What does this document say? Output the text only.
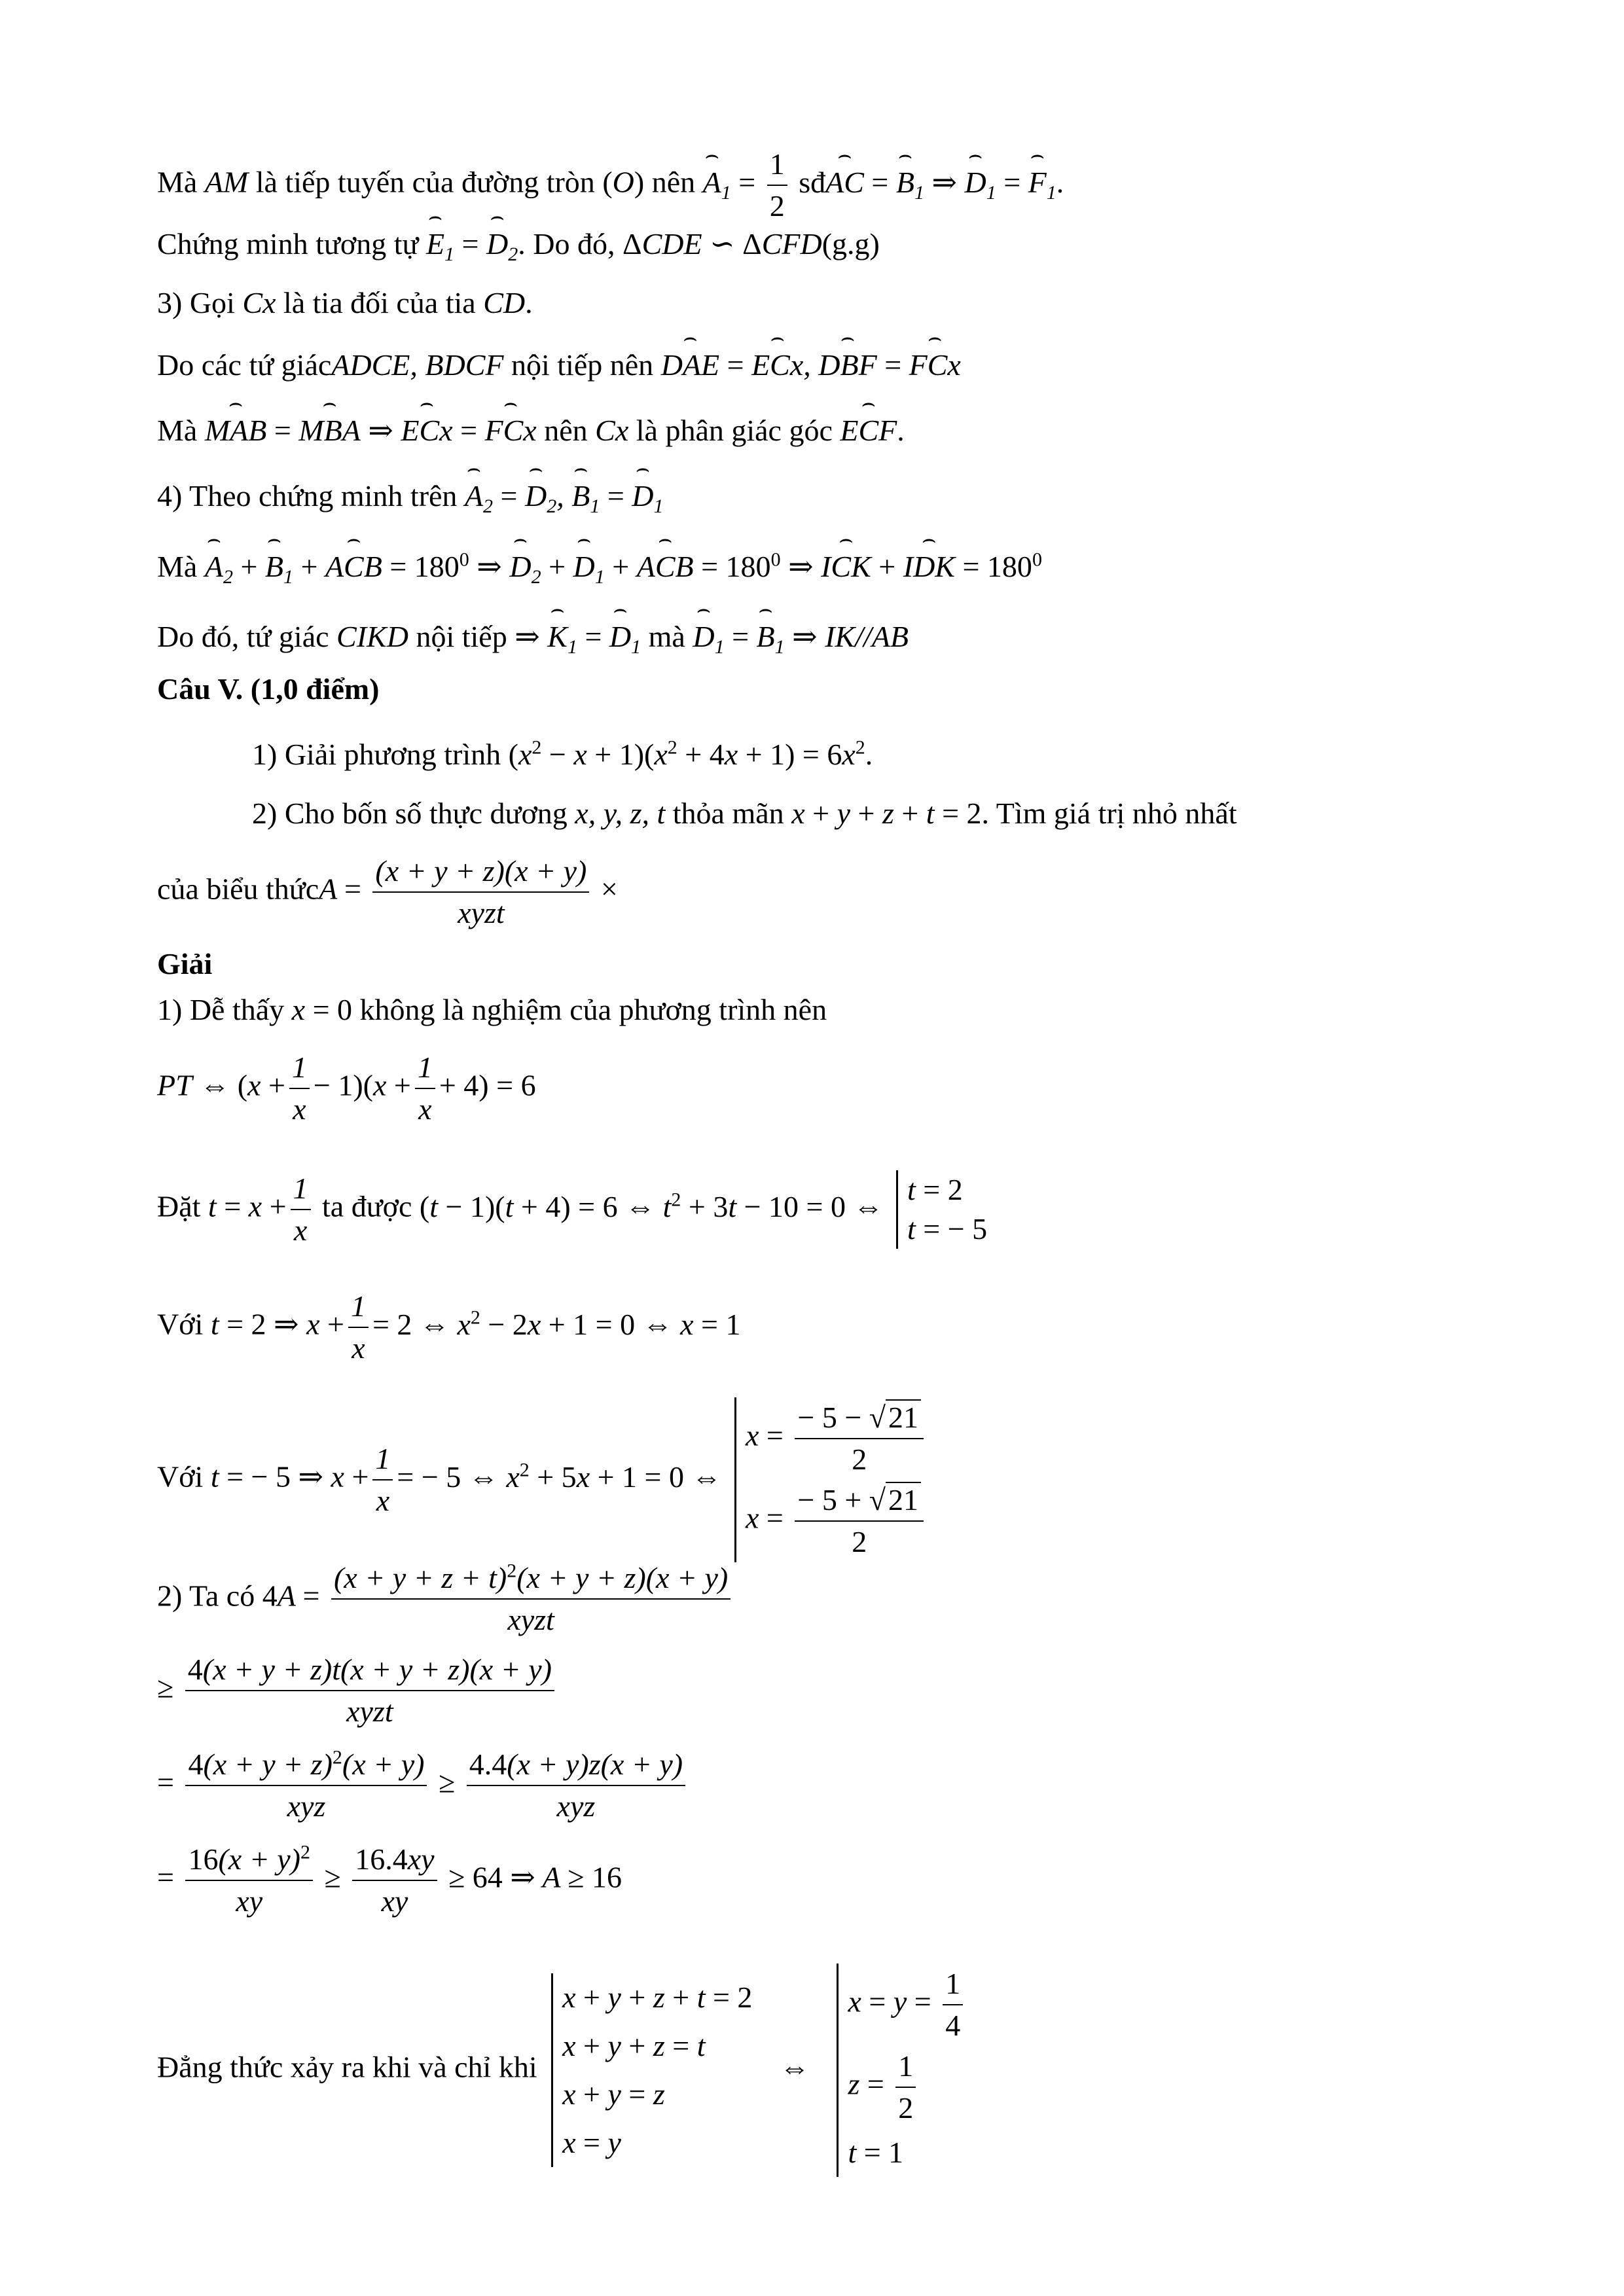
Mà AM là tiếp tuyến của đường tròn (O) nên ⌢ $A_1 = \frac{1}{2}$ sđ⌢ AC = ⌢ $B_1$ ⇒ ⌢ $D_1$ = ⌢ $F_1$.
Chứng minh tương tự ⌢ $E_1$ = ⌢ $D_2$. Do đó, ΔCDE ∽ ΔCFD(g.g)
3) Gọi Cx là tia đối của tia CD.
Do các tứ giácADCE, BDCF nội tiếp nên ⌢ DAE = ⌢ ECx, ⌢ DBF = ⌢ FCx
Mà ⌢ MAB = ⌢ MBA ⇒ ⌢ ECx = ⌢ FCx nên Cx là phân giác góc ⌢ ECF.
4) Theo chứng minh trên ⌢ $A_2$ = ⌢ $D_2$, ⌢ $B_1$ = ⌢ $D_1$
Mà ⌢ $A_2$ + ⌢ $B_1$ + ⌢ ACB = $180^0$ ⇒ ⌢ $D_2$ + ⌢ $D_1$ + ⌢ ACB = $180^0$ ⇒ ⌢ ICK + ⌢ IDK = $180^0$
Do đó, tứ giác CIKD nội tiếp ⇒ ⌢ $K_1$ = ⌢ $D_1$ mà ⌢ $D_1$ = ⌢ $B_1$ ⇒ IK//AB
Câu V. (1,0 điểm)
1) Giải phương trình $(x^2 - x + 1)(x^2 + 4x + 1) = 6x^2$.
2) Cho bốn số thực dương x, y, z, t thỏa mãn x + y + z + t = 2. Tìm giá trị nhỏ nhất
của biểu thứcA = $\frac{(x + y + z)(x + y)}{\text{xyzt}}$ ×
Giải
1) Dễ thấy x = 0 không là nghiệm của phương trình nên
PT ⇔ $(x + \frac{1}{x} - 1)(x + \frac{1}{x} + 4) = 6$
Đặt $t = x + \frac{1}{x}$ ta được (t − 1)(t + 4) = 6 ⇔ $t^2 + 3t - 10 = 0$ ⇔
t = 2
t = − 5
Với t = 2 ⇒ $x + \frac{1}{x} = 2$ ⇔ $x^2 - 2x + 1 = 0$ ⇔ x = 1
Với t = − 5 ⇒ $x + \frac{1}{x}$ = − 5 ⇔ $x^2 + 5x + 1 = 0$ ⇔
$x = \frac{- 5 - √21}{2}$
$x = \frac{- 5 + √21}{2}$
2) Ta có $4A = \frac{(x + y + z + t)^2(x + y + z)(x + y)}{\text{xyzt}}$
≥ $\frac{4(x + y + z)t(x + y + z)(x + y)}{\text{xyzt}}$
= $\frac{4(x + y + z)^2(x + y)}{\text{xyz}} \ge \frac{4.4(x + y)z(x + y)}{\text{xyz}}$
= $\frac{16(x + y)^2}{xy} \ge \frac{16.4xy}{xy} \ge 64$ ⇒ A ≥ 16
Đẳng thức xảy ra khi và chỉ khi
x + y + z + t = 2
x + y + z = t
x + y = z
x = y
⇔
$x = y = \frac{1}{4}$
$z = \frac{1}{2}$
t = 1
